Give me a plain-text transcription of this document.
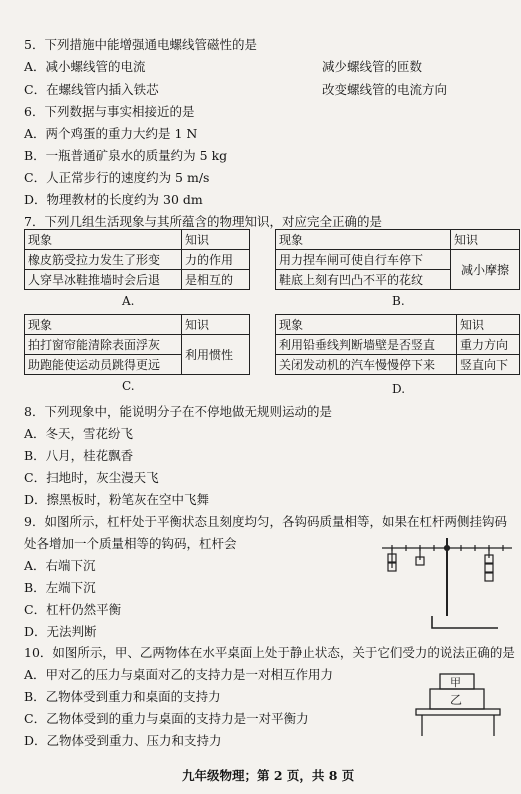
5．下列措施中能增强通电螺线管磁性的是
A．减小螺线管的电流	减少螺线管的匝数
C．在螺线管内插入铁芯	改变螺线管的电流方向
6．下列数据与事实相接近的是
A．两个鸡蛋的重力大约是 1 N
B．一瓶普通矿泉水的质量约为 5 kg
C．人正常步行的速度约为 5 m/s
D．物理教材的长度约为 30 dm
7．下列几组生活现象与其所蕴含的物理知识，对应完全正确的是
现象	知识
橡皮筋受拉力发生了形变	力的作用
人穿旱冰鞋推墙时会后退	是相互的
A.
现象	知识
用力捏车闸可使自行车停下	减小摩擦
鞋底上刻有凹凸不平的花纹	
B.
现象	知识
拍打窗帘能清除表面浮灰	利用惯性
助跑能使运动员跳得更远	
C.
现象	知识
利用铅垂线判断墙壁是否竖直	重力方向
关闭发动机的汽车慢慢停下来	竖直向下
D.
8．下列现象中，能说明分子在不停地做无规则运动的是
A．冬天，雪花纷飞
B．八月，桂花飘香
C．扫地时，灰尘漫天飞
D．擦黑板时，粉笔灰在空中飞舞
9．如图所示，杠杆处于平衡状态且刻度均匀，各钩码质量相等，如果在杠杆两侧挂钩码
处各增加一个质量相等的钩码，杠杆会
A．右端下沉
B．左端下沉
C．杠杆仍然平衡
D．无法判断
10．如图所示，甲、乙两物体在水平桌面上处于静止状态，关于它们受力的说法正确的是
A．甲对乙的压力与桌面对乙的支持力是一对相互作用力
B．乙物体受到重力和桌面的支持力
C．乙物体受到的重力与桌面的支持力是一对平衡力
D．乙物体受到重力、压力和支持力
甲
乙
九年级物理；第 2 页，共 8 页
